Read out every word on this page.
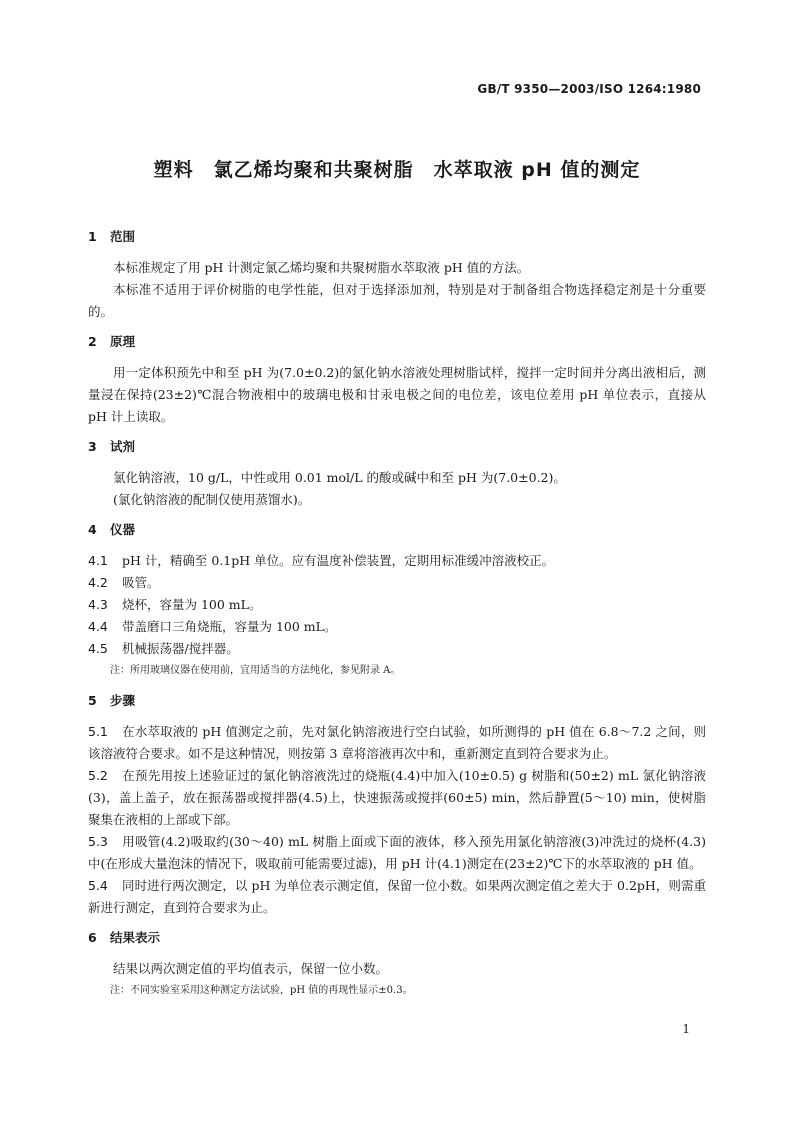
GB/T 9350—2003/ISO 1264:1980
塑料　氯乙烯均聚和共聚树脂　水萃取液 pH 值的测定
1 范围

本标准规定了用 pH 计测定氯乙烯均聚和共聚树脂水萃取液 pH 值的方法。

本标准不适用于评价树脂的电学性能，但对于选择添加剂，特别是对于制备组合物选择稳定剂是十分重要的。

2 原理

用一定体积预先中和至 pH 为(7.0±0.2)的氯化钠水溶液处理树脂试样，搅拌一定时间并分离出液相后，测量浸在保持(23±2)℃混合物液相中的玻璃电极和甘汞电极之间的电位差，该电位差用 pH 单位表示，直接从 pH 计上读取。

3 试剂

氯化钠溶液，10 g/L，中性或用 0.01 mol/L 的酸或碱中和至 pH 为(7.0±0.2)。

(氯化钠溶液的配制仅使用蒸馏水)。

4 仪器

4.1 pH 计，精确至 0.1pH 单位。应有温度补偿装置，定期用标准缓冲溶液校正。

4.2 吸管。

4.3 烧杯，容量为 100 mL。

4.4 带盖磨口三角烧瓶，容量为 100 mL。

4.5 机械振荡器/搅拌器。

注：所用玻璃仪器在使用前，宜用适当的方法纯化，参见附录 A。

5 步骤

5.1 在水萃取液的 pH 值测定之前，先对氯化钠溶液进行空白试验，如所测得的 pH 值在 6.8～7.2 之间，则该溶液符合要求。如不是这种情况，则按第 3 章将溶液再次中和，重新测定直到符合要求为止。

5.2 在预先用按上述验证过的氯化钠溶液洗过的烧瓶(4.4)中加入(10±0.5) g 树脂和(50±2) mL 氯化钠溶液(3)，盖上盖子，放在振荡器或搅拌器(4.5)上，快速振荡或搅拌(60±5) min，然后静置(5～10) min，使树脂聚集在液相的上部或下部。

5.3 用吸管(4.2)吸取约(30～40) mL 树脂上面或下面的液体，移入预先用氯化钠溶液(3)冲洗过的烧杯(4.3)中(在形成大量泡沫的情况下，吸取前可能需要过滤)，用 pH 计(4.1)测定在(23±2)℃下的水萃取液的 pH 值。

5.4 同时进行两次测定，以 pH 为单位表示测定值，保留一位小数。如果两次测定值之差大于 0.2pH，则需重新进行测定，直到符合要求为止。

6 结果表示

结果以两次测定值的平均值表示，保留一位小数。

注：不同实验室采用这种测定方法试验，pH 值的再现性显示±0.3。

1
